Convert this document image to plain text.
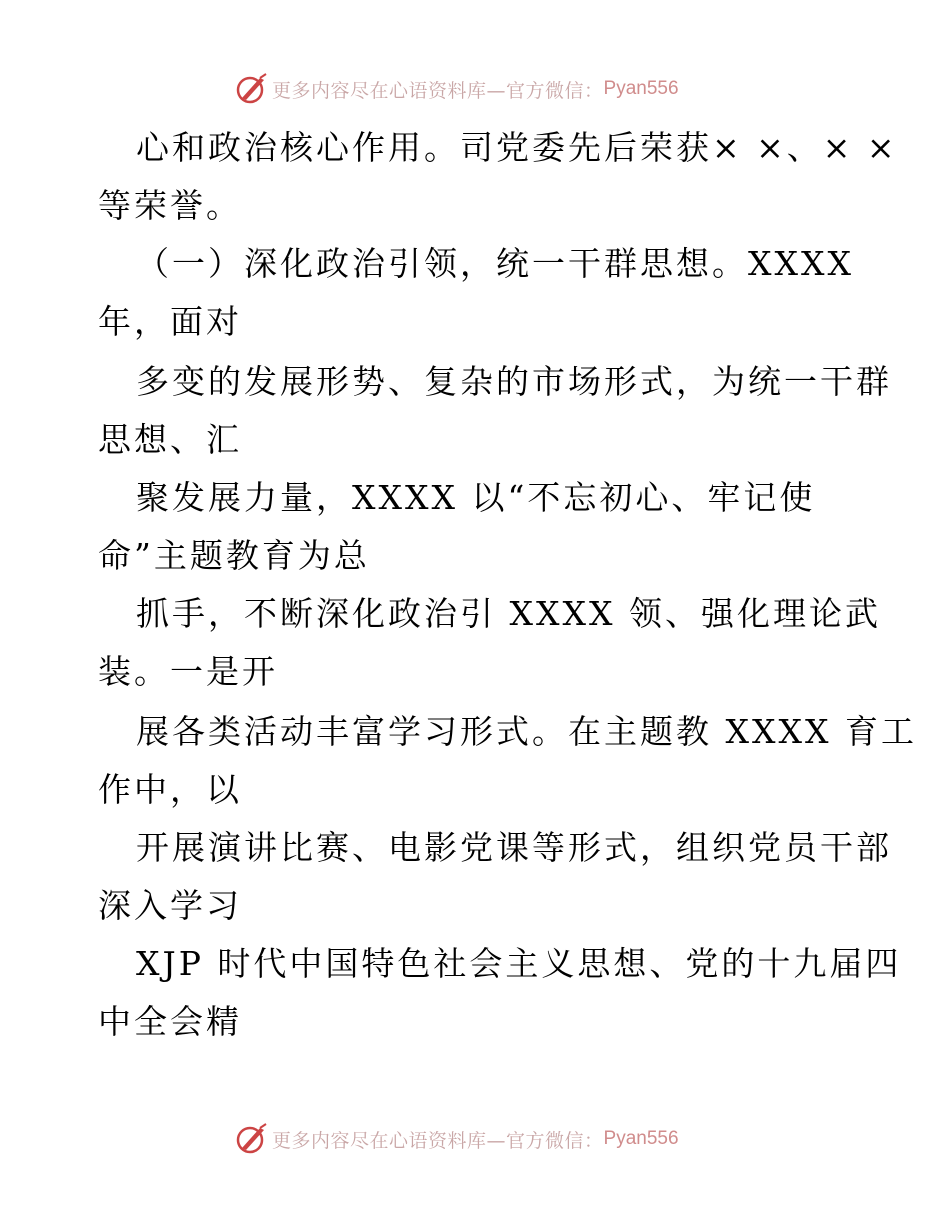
更多内容尽在心语资料库—官方微信： Pyan556
心和政治核心作用。司党委先后荣获× ×、× ×
等荣誉。
（一）深化政治引领，统一干群思想。XXXX
年，面对
多变的发展形势、复杂的市场形式，为统一干群
思想、汇
聚发展力量，XXXX 以“不忘初心、牢记使
命”主题教育为总
抓手，不断深化政治引 XXXX 领、强化理论武
装。一是开
展各类活动丰富学习形式。在主题教 XXXX 育工
作中，以
开展演讲比赛、电影党课等形式，组织党员干部
深入学习
XJP 时代中国特色社会主义思想、党的十九届四
中全会精
更多内容尽在心语资料库—官方微信： Pyan556
